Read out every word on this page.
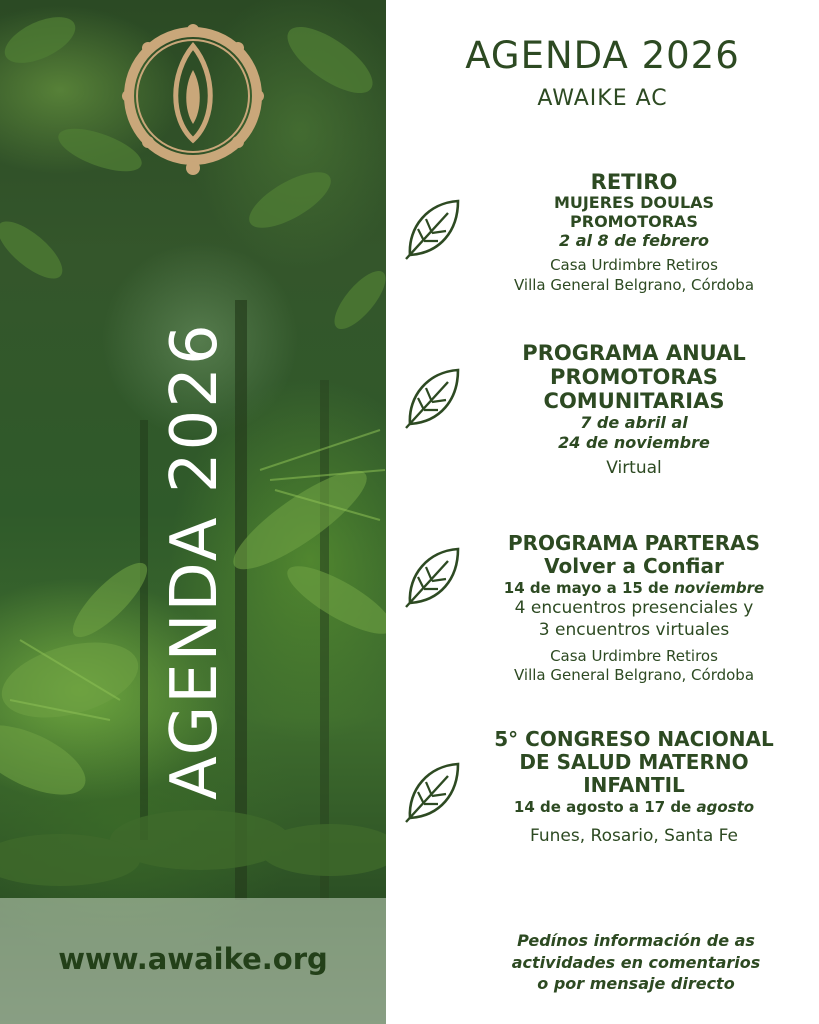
AGENDA 2026
www.awaike.org
AGENDA 2026
AWAIKE AC
RETIRO
MUJERES DOULAS
PROMOTORAS
2 al 8 de febrero
Casa Urdimbre Retiros
Villa General Belgrano, Córdoba
PROGRAMA ANUAL
PROMOTORAS
COMUNITARIAS
7 de abril al
24 de noviembre
Virtual
PROGRAMA PARTERAS
Volver a Confiar
14 de mayo a 15 de noviembre
4 encuentros presenciales y
3 encuentros virtuales
Casa Urdimbre Retiros
Villa General Belgrano, Córdoba
5° CONGRESO NACIONAL
DE SALUD MATERNO
INFANTIL
14 de agosto a 17 de agosto
Funes, Rosario, Santa Fe
Pedínos información de as
actividades en comentarios
o por mensaje directo
